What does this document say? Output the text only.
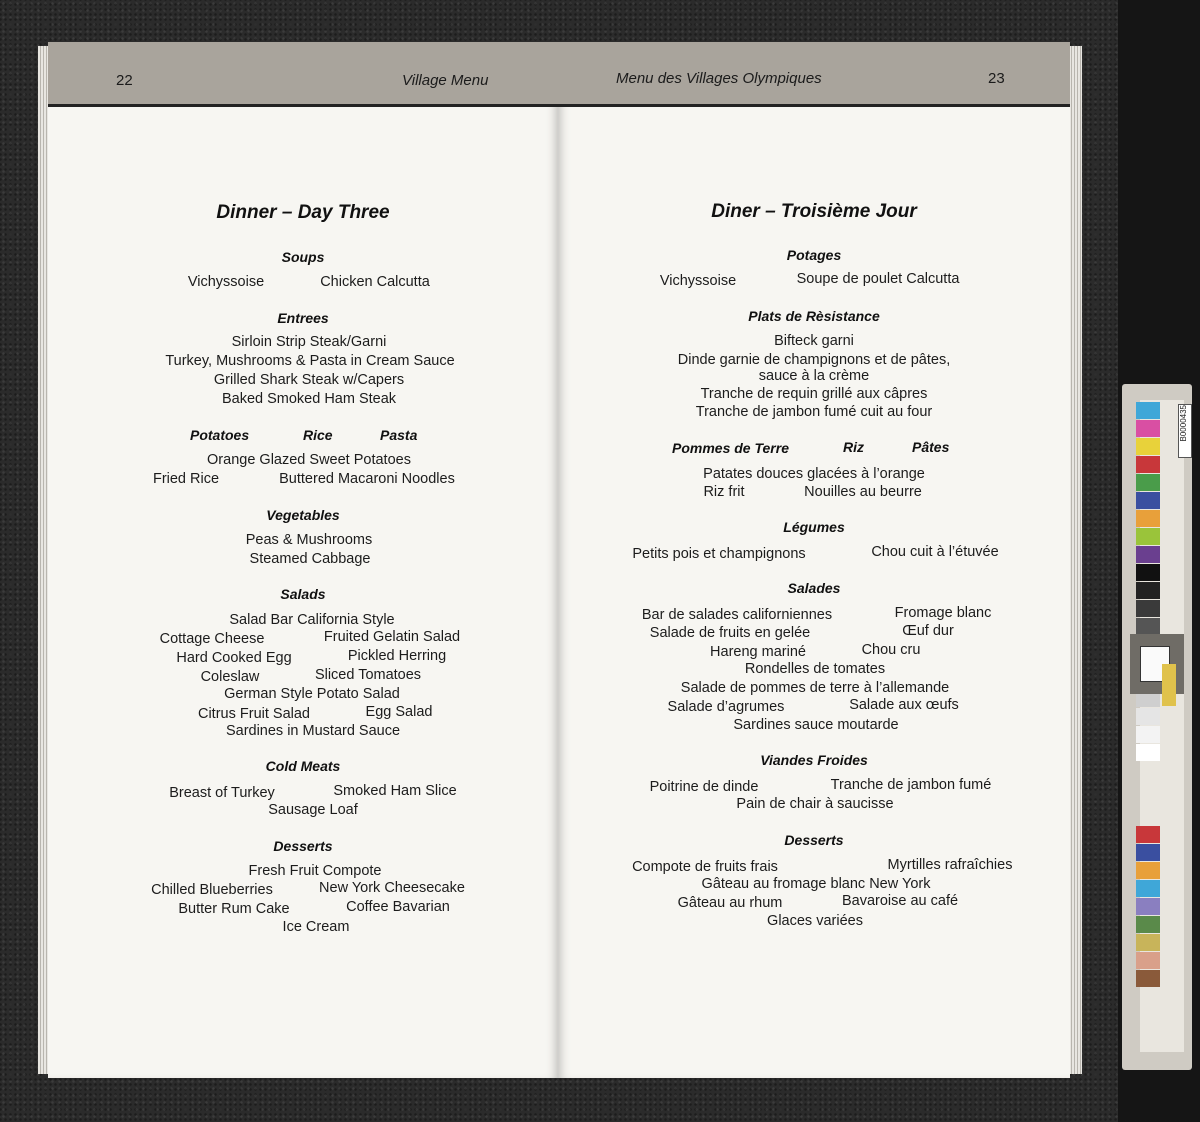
22	Village Menu
Dinner – Day Three
Soups
Vichyssoise	Chicken Calcutta
Entrees
Sirloin Strip Steak/Garni
Turkey, Mushrooms & Pasta in Cream Sauce
Grilled Shark Steak w/Capers
Baked Smoked Ham Steak
Potatoes	Rice	Pasta
Orange Glazed Sweet Potatoes
Fried Rice	Buttered Macaroni Noodles
Vegetables
Peas & Mushrooms
Steamed Cabbage
Salads
Salad Bar California Style
Cottage Cheese	Fruited Gelatin Salad
Hard Cooked Egg	Pickled Herring
Coleslaw	Sliced Tomatoes
German Style Potato Salad
Citrus Fruit Salad	Egg Salad
Sardines in Mustard Sauce
Cold Meats
Breast of Turkey	Smoked Ham Slice
Sausage Loaf
Desserts
Fresh Fruit Compote
Chilled Blueberries	New York Cheesecake
Butter Rum Cake	Coffee Bavarian
Ice Cream
Menu des Villages Olympiques	23
Diner – Troisième Jour
Potages
Vichyssoise	Soupe de poulet Calcutta
Plats de Rèsistance
Bifteck garni
Dinde garnie de champignons et de pâtes,
sauce à la crème
Tranche de requin grillé aux câpres
Tranche de jambon fumé cuit au four
Pommes de Terre	Riz	Pâtes
Patates douces glacées à l’orange
Riz frit	Nouilles au beurre
Légumes
Petits pois et champignons	Chou cuit à l’étuvée
Salades
Bar de salades californiennes	Fromage blanc
Salade de fruits en gelée	Œuf dur
Hareng mariné	Chou cru
Rondelles de tomates
Salade de pommes de terre à l’allemande
Salade d’agrumes	Salade aux œufs
Sardines sauce moutarde
Viandes Froides
Poitrine de dinde	Tranche de jambon fumé
Pain de chair à saucisse
Desserts
Compote de fruits frais	Myrtilles rafraîchies
Gâteau au fromage blanc New York
Gâteau au rhum	Bavaroise au café
Glaces variées
B0000435
